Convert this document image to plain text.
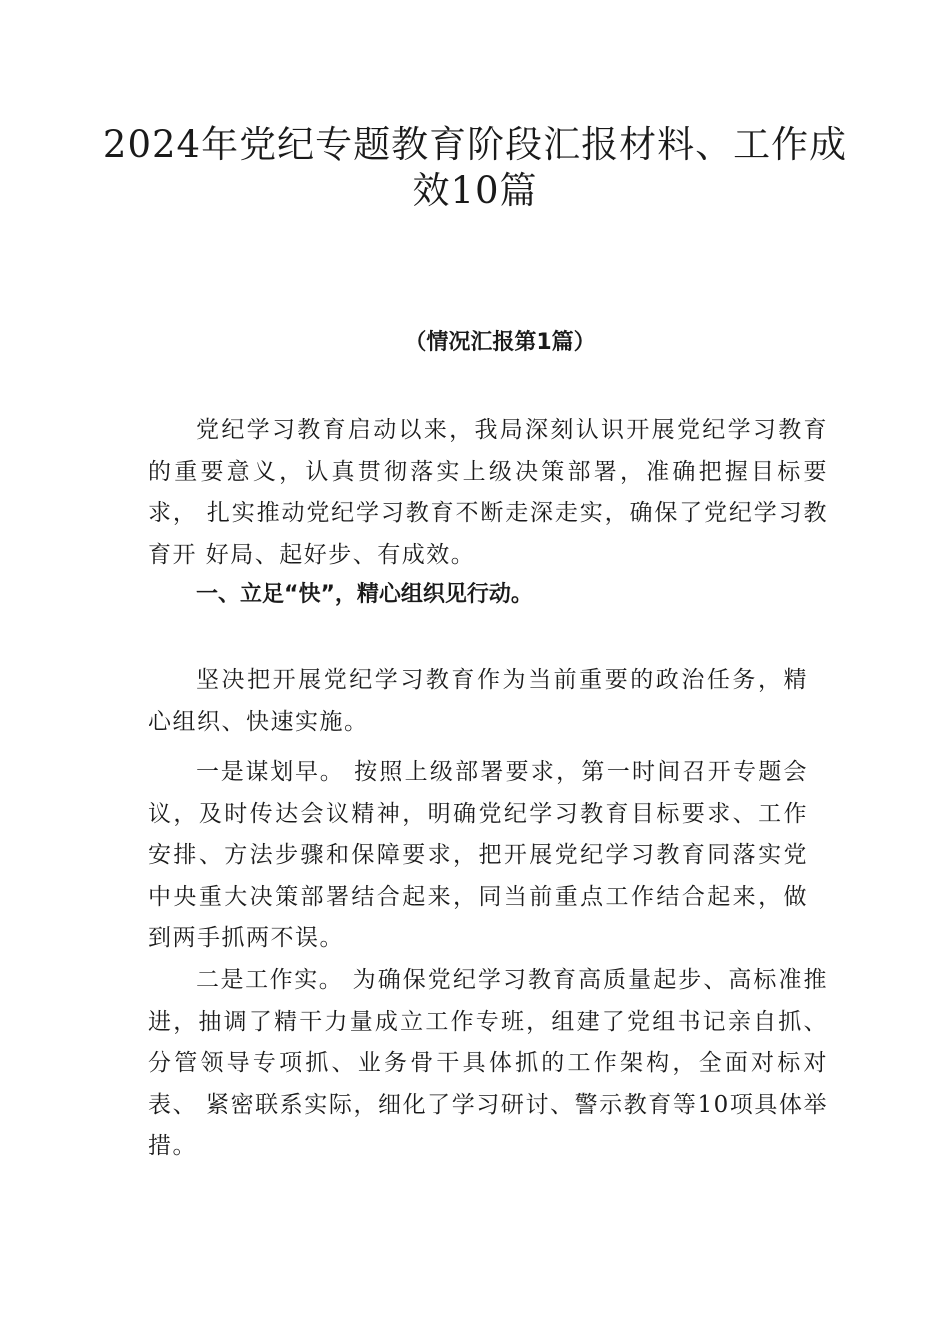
2024年党纪专题教育阶段汇报材料、工作成效10篇

（情况汇报第1篇）

党纪学习教育启动以来，我局深刻认识开展党纪学习教育的重要意义，认真贯彻落实上级决策部署，准确把握目标要求， 扎实推动党纪学习教育不断走深走实，确保了党纪学习教育开 好局、起好步、有成效。

一、立足“快”，精心组织见行动。

坚决把开展党纪学习教育作为当前重要的政治任务，精心组织、快速实施。

一是谋划早。 按照上级部署要求，第一时间召开专题会议，及时传达会议精神，明确党纪学习教育目标要求、工作安排、方法步骤和保障要求，把开展党纪学习教育同落实党中央重大决策部署结合起来，同当前重点工作结合起来，做到两手抓两不误。

二是工作实。 为确保党纪学习教育高质量起步、高标准推进，抽调了精干力量成立工作专班，组建了党组书记亲自抓、 分管领导专项抓、业务骨干具体抓的工作架构，全面对标对表、 紧密联系实际，细化了学习研讨、警示教育等10项具体举措。
